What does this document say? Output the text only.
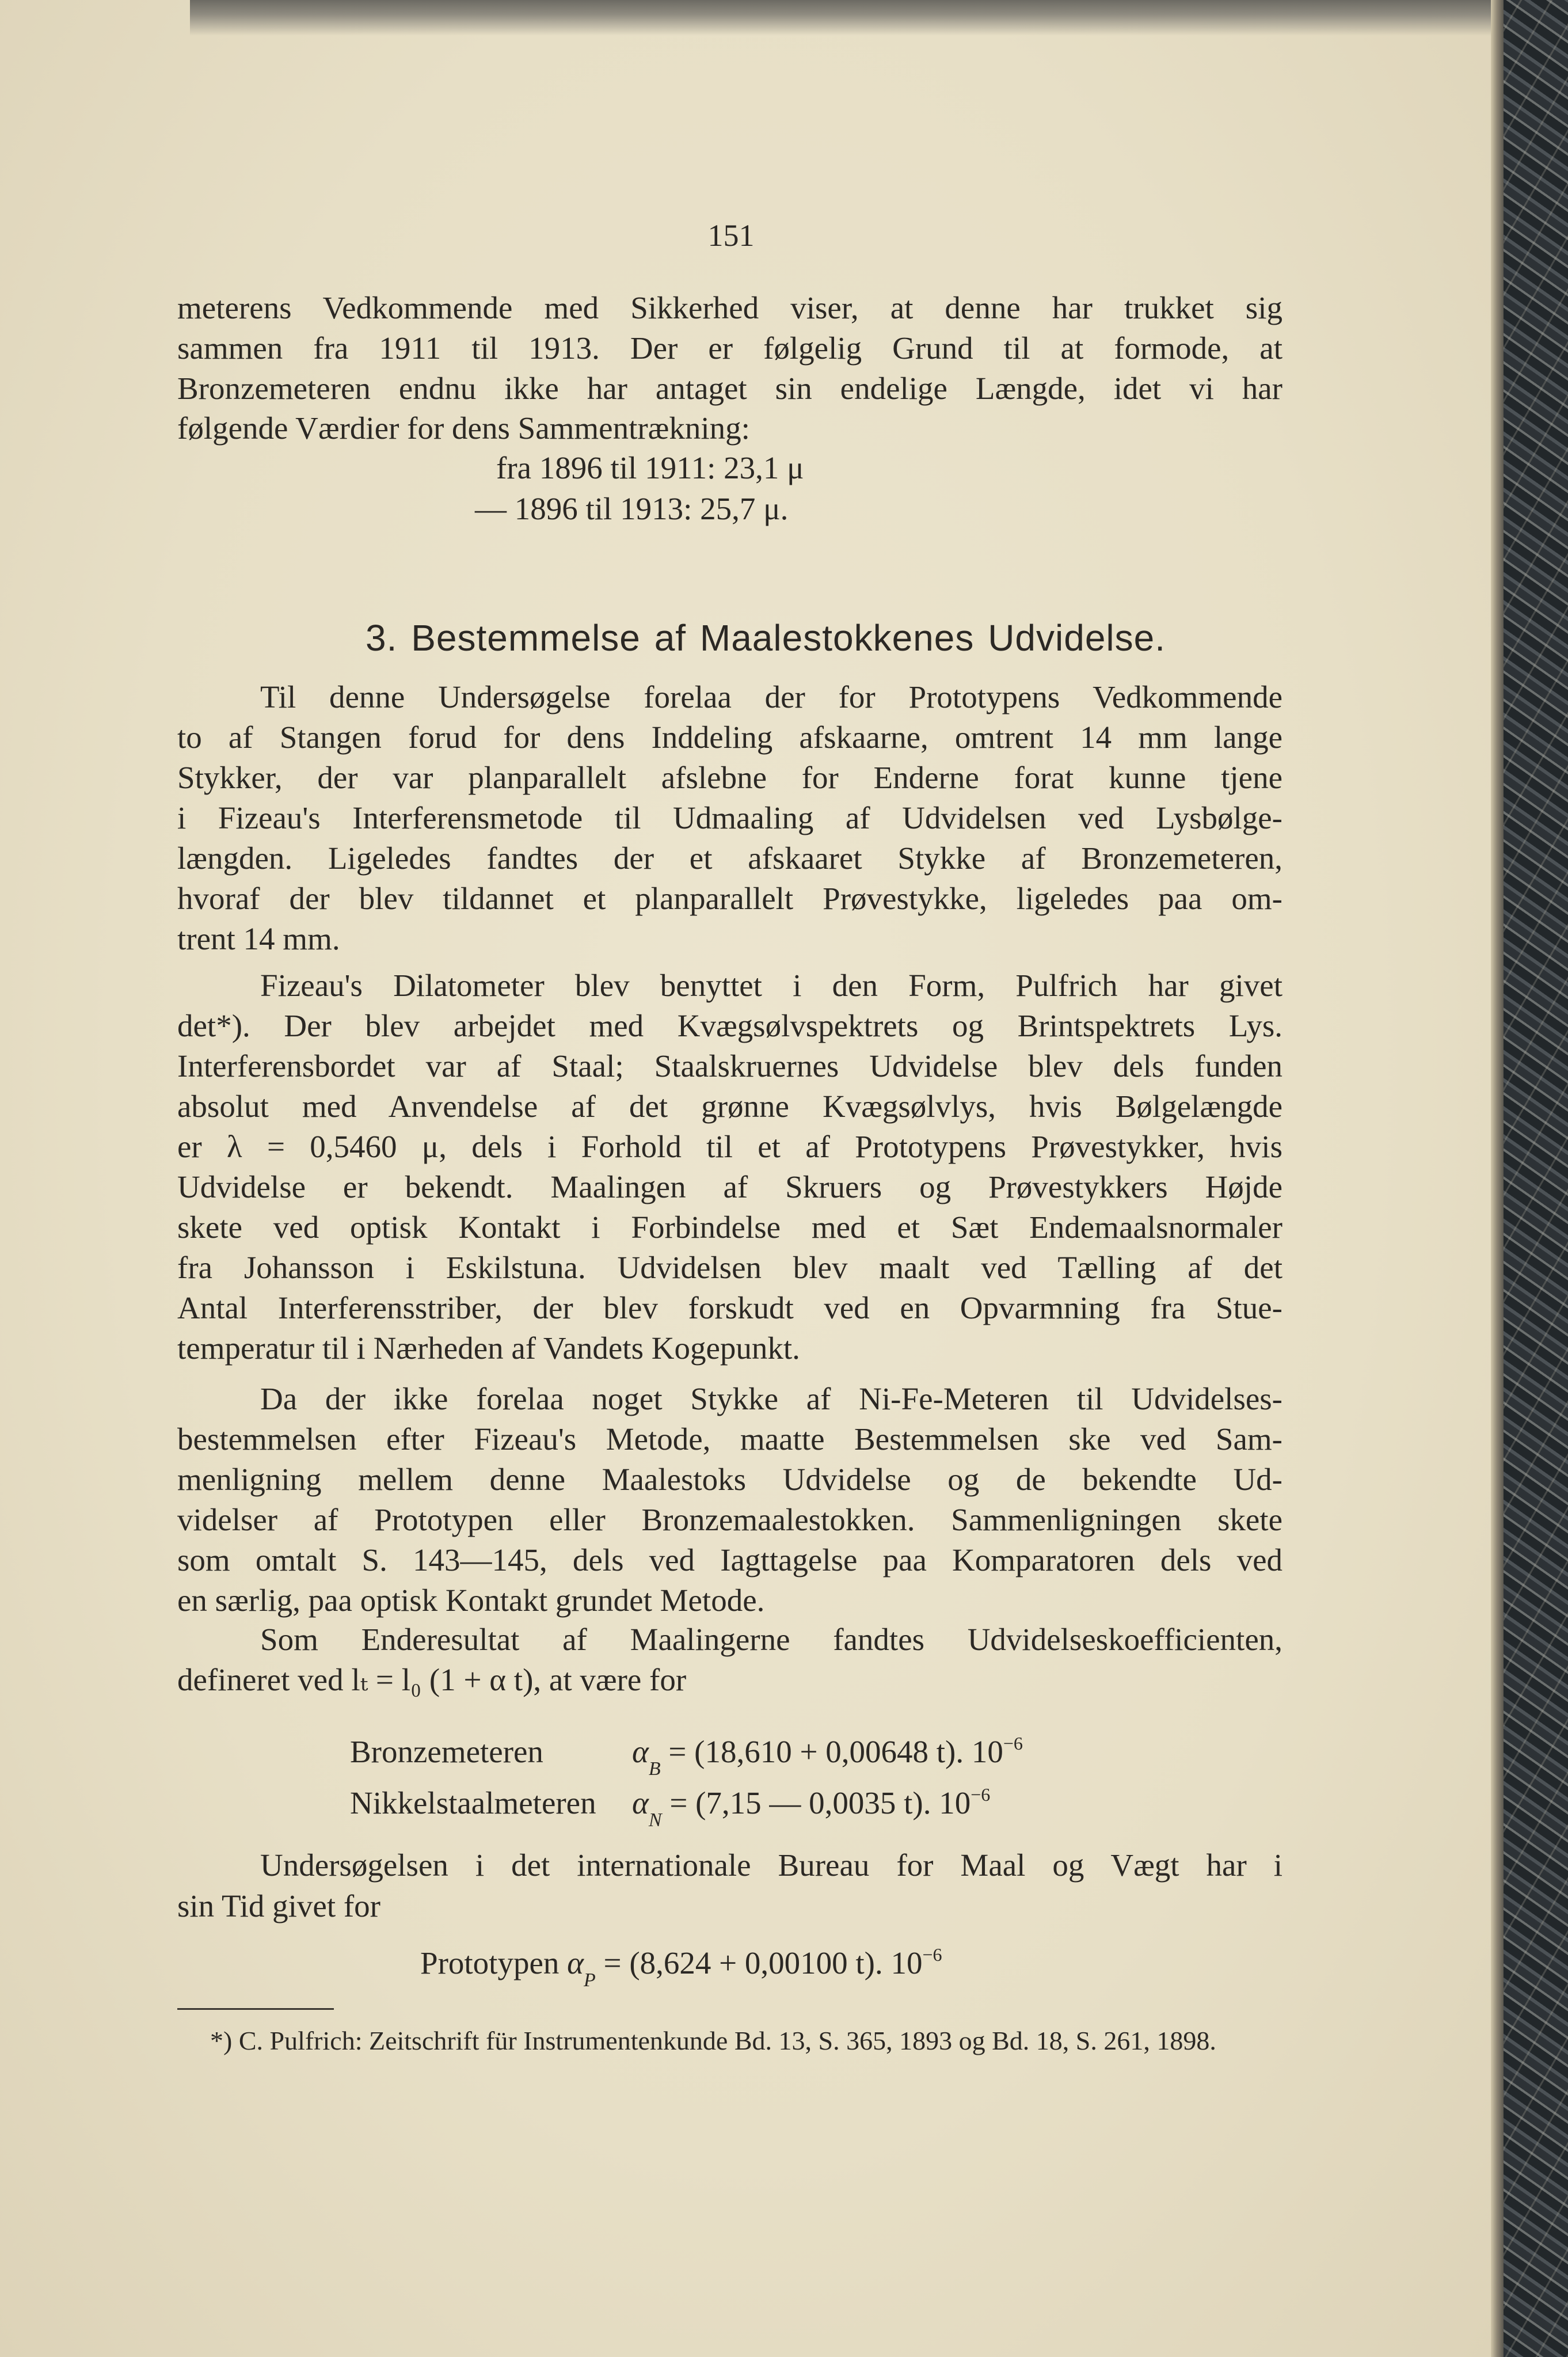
151
meterens Vedkommende med Sikkerhed viser, at denne har trukket sig
sammen fra 1911 til 1913. Der er følgelig Grund til at formode, at
Bronzemeteren endnu ikke har antaget sin endelige Længde, idet vi har
følgende Værdier for dens Sammentrækning:
Til denne Undersøgelse forelaa der for Prototypens Vedkommende
to af Stangen forud for dens Inddeling afskaarne, omtrent 14 mm lange
Stykker, der var planparallelt afslebne for Enderne forat kunne tjene
i Fizeau's Interferensmetode til Udmaaling af Udvidelsen ved Lysbølge-
længden. Ligeledes fandtes der et afskaaret Stykke af Bronzemeteren,
hvoraf der blev tildannet et planparallelt Prøvestykke, ligeledes paa om-
trent 14 mm.
Fizeau's Dilatometer blev benyttet i den Form, Pulfrich har givet
det*). Der blev arbejdet med Kvægsølvspektrets og Brintspektrets Lys.
Interferensbordet var af Staal; Staalskruernes Udvidelse blev dels funden
absolut med Anvendelse af det grønne Kvægsølvlys, hvis Bølgelængde
er λ = 0,5460 μ, dels i Forhold til et af Prototypens Prøvestykker, hvis
Udvidelse er bekendt. Maalingen af Skruers og Prøvestykkers Højde
skete ved optisk Kontakt i Forbindelse med et Sæt Endemaalsnormaler
fra Johansson i Eskilstuna. Udvidelsen blev maalt ved Tælling af det
Antal Interferensstriber, der blev forskudt ved en Opvarmning fra Stue-
temperatur til i Nærheden af Vandets Kogepunkt.
Da der ikke forelaa noget Stykke af Ni-Fe-Meteren til Udvidelses-
bestemmelsen efter Fizeau's Metode, maatte Bestemmelsen ske ved Sam-
menligning mellem denne Maalestoks Udvidelse og de bekendte Ud-
videlser af Prototypen eller Bronzemaalestokken. Sammenligningen skete
som omtalt S. 143—145, dels ved Iagttagelse paa Komparatoren dels ved
en særlig, paa optisk Kontakt grundet Metode.
Som Enderesultat af Maalingerne fandtes Udvidelseskoefficienten,
defineret ved lₜ = l₀ (1 + α t), at være for
fra 1896 til 1911: 23,1 μ
— 1896 til 1913: 25,7 μ.
3. Bestemmelse af Maalestokkenes Udvidelse.
Bronzemeteren	$\alpha_B = (18,610 + 0,00648$ t). $10^{-6}$
Nikkelstaalmeteren $\alpha_N = (7,15$ — 0,0035 t). $10^{-6}$
Undersøgelsen i det internationale Bureau for Maal og Vægt har i
sin Tid givet for
Prototypen $\alpha_P = (8,624 + 0,00100$ t). $10^{-6}$
*) C. Pulfrich: Zeitschrift für Instrumentenkunde Bd. 13, S. 365, 1893 og Bd. 18, S. 261, 1898.
